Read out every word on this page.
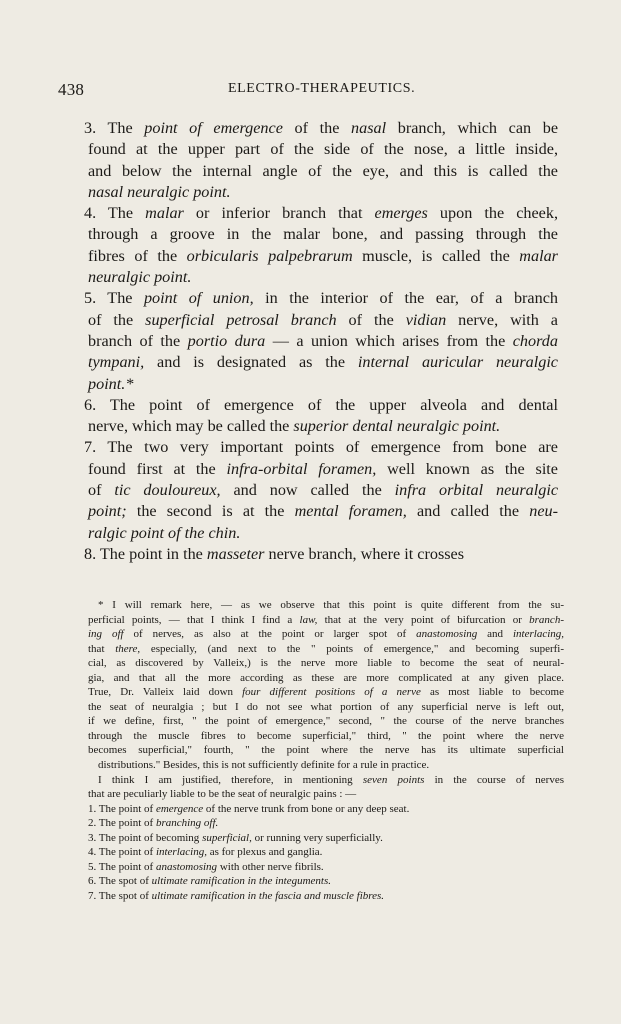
438	ELECTRO-THERAPEUTICS.
3. The point of emergence of the nasal branch, which can be
found at the upper part of the side of the nose, a little inside,
and below the internal angle of the eye, and this is called the
nasal neuralgic point.
4. The malar or inferior branch that emerges upon the cheek,
through a groove in the malar bone, and passing through the
fibres of the orbicularis palpebrarum muscle, is called the malar
neuralgic point.
5. The point of union, in the interior of the ear, of a branch
of the superficial petrosal branch of the vidian nerve, with a
branch of the portio dura — a union which arises from the chorda
tympani, and is designated as the internal auricular neuralgic
point.*
6. The point of emergence of the upper alveola and dental
nerve, which may be called the superior dental neuralgic point.
7. The two very important points of emergence from bone are
found first at the infra-orbital foramen, well known as the site
of tic douloureux, and now called the infra orbital neuralgic
point; the second is at the mental foramen, and called the neu-
ralgic point of the chin.
8. The point in the masseter nerve branch, where it crosses
* I will remark here, — as we observe that this point is quite different from the su-
perficial points, — that I think I find a law, that at the very point of bifurcation or branch-
ing off of nerves, as also at the point or larger spot of anastomosing and interlacing,
that there, especially, (and next to the " points of emergence," and becoming superfi-
cial, as discovered by Valleix,) is the nerve more liable to become the seat of neural-
gia, and that all the more according as these are more complicated at any given place.
True, Dr. Valleix laid down four different positions of a nerve as most liable to become
the seat of neuralgia ; but I do not see what portion of any superficial nerve is left out,
if we define, first, " the point of emergence," second, " the course of the nerve branches
through the muscle fibres to become superficial," third, " the point where the nerve
becomes superficial," fourth, " the point where the nerve has its ultimate superficial
distributions." Besides, this is not sufficiently definite for a rule in practice.
I think I am justified, therefore, in mentioning seven points in the course of nerves
that are peculiarly liable to be the seat of neuralgic pains : —
1. The point of emergence of the nerve trunk from bone or any deep seat.
2. The point of branching off.
3. The point of becoming superficial, or running very superficially.
4. The point of interlacing, as for plexus and ganglia.
5. The point of anastomosing with other nerve fibrils.
6. The spot of ultimate ramification in the integuments.
7. The spot of ultimate ramification in the fascia and muscle fibres.
